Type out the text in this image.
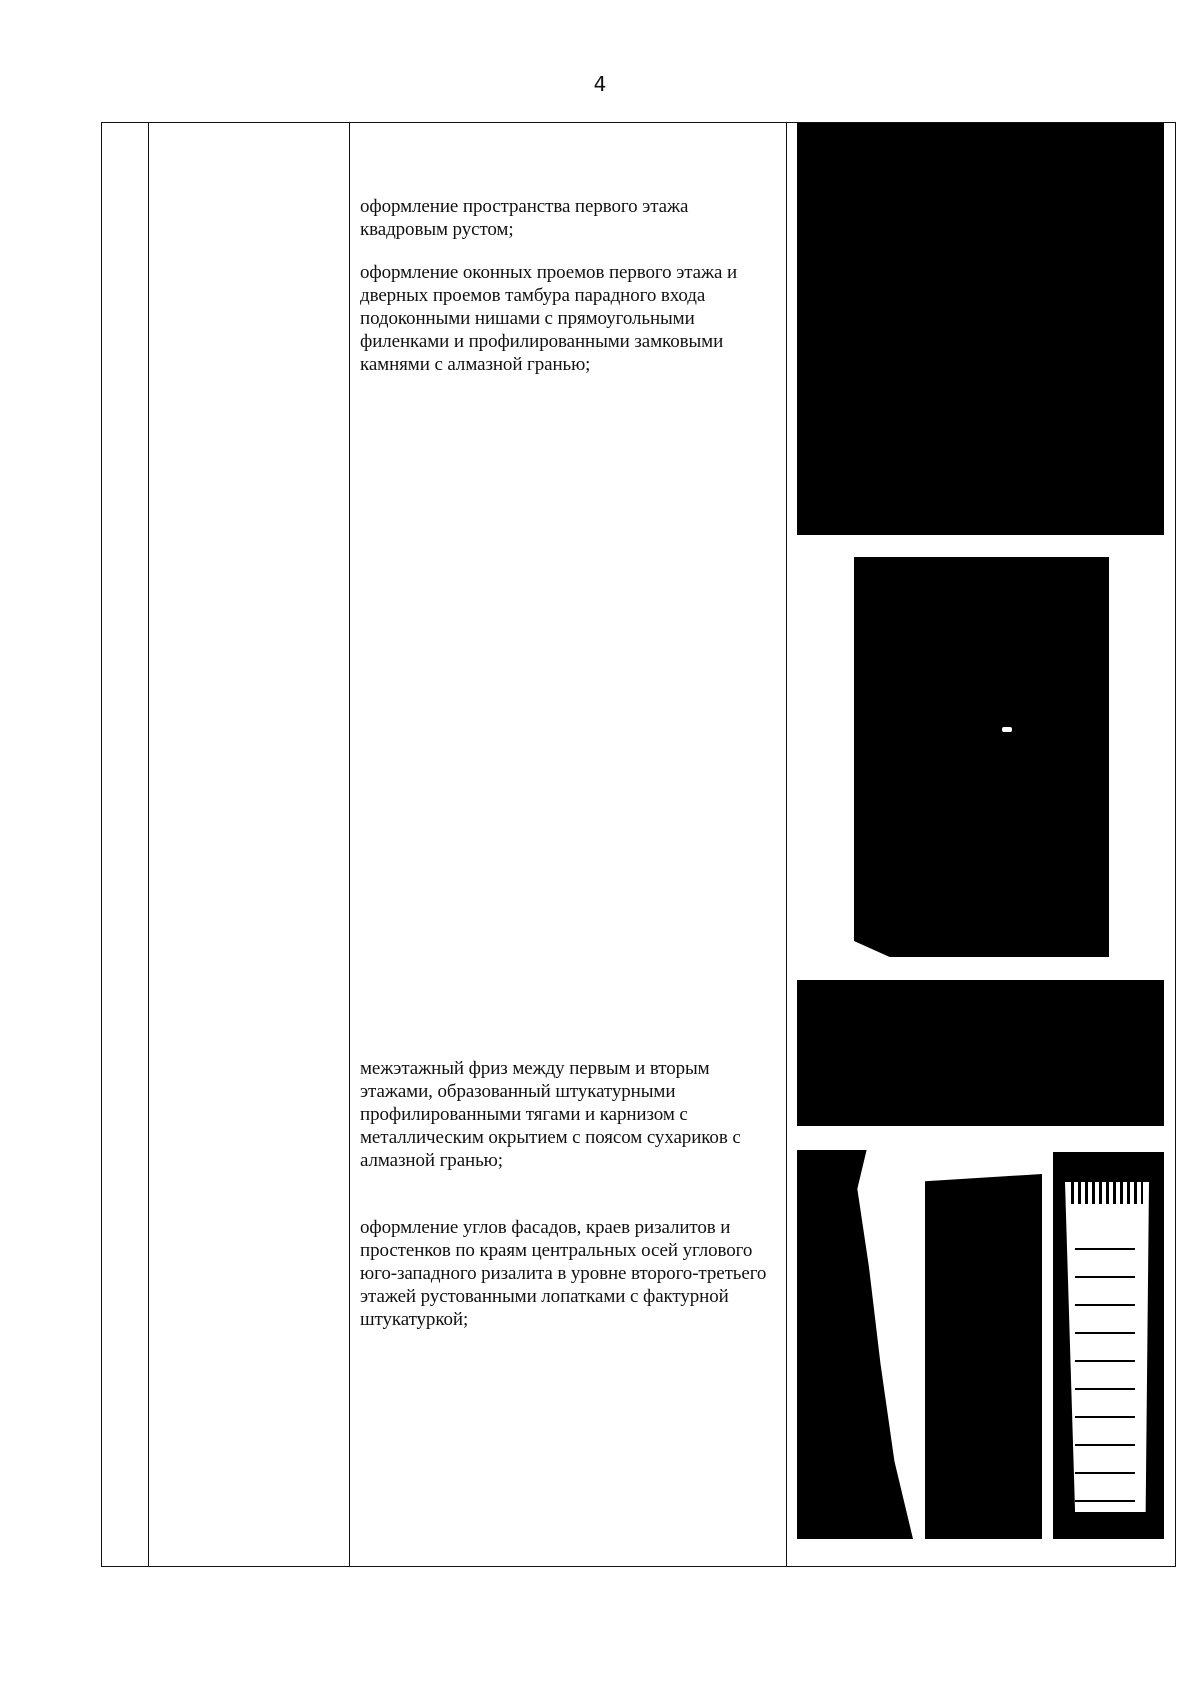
4

оформление пространства первого этажа квадровым рустом;

оформление оконных проемов первого этажа и дверных проемов тамбура парадного входа подоконными нишами с прямоугольными филенками и профилированными замковыми камнями с алмазной гранью;

межэтажный фриз между первым и вторым этажами, образованный штукатурными профилированными тягами и карнизом с металлическим окрытием с поясом сухариков с алмазной гранью;

оформление углов фасадов, краев ризалитов и простенков по краям центральных осей углового юго-западного ризалита в уровне второго-третьего этажей рустованными лопатками с фактурной штукатуркой;
